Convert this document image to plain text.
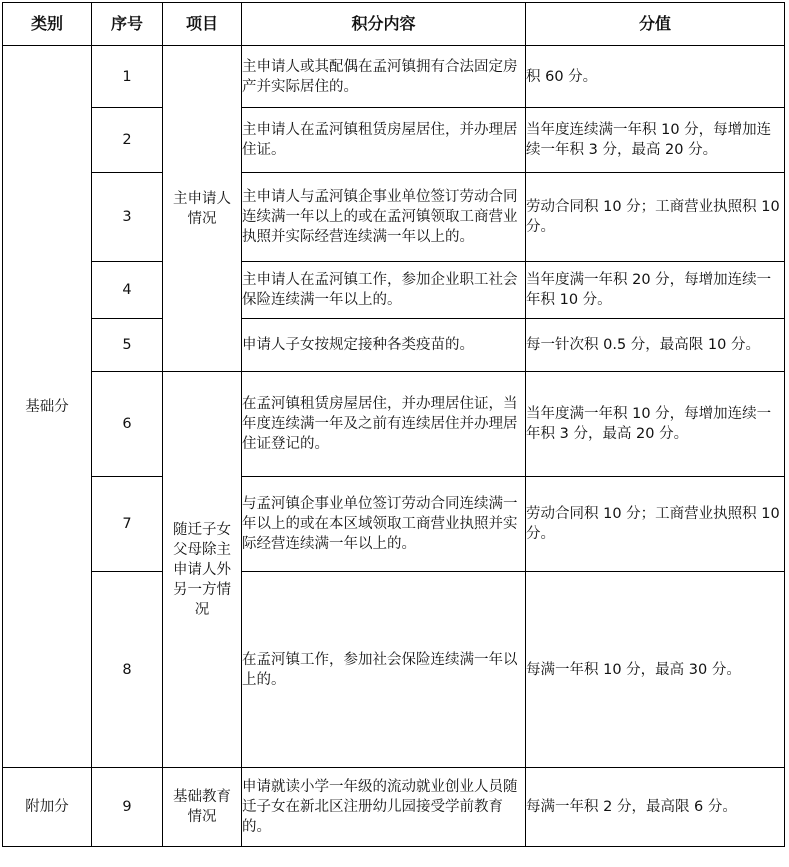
类别	序号	项目	积分内容	分值
基础分	1	主申请人情况	主申请人或其配偶在孟河镇拥有合法固定房产并实际居住的。	积 60 分。
	2		主申请人在孟河镇租赁房屋居住，并办理居住证。	当年度连续满一年积 10 分，每增加连续一年积 3 分，最高 20 分。
	3		主申请人与孟河镇企事业单位签订劳动合同连续满一年以上的或在孟河镇领取工商营业执照并实际经营连续满一年以上的。	劳动合同积 10 分；工商营业执照积 10 分。
	4		主申请人在孟河镇工作，参加企业职工社会保险连续满一年以上的。	当年度满一年积 20 分，每增加连续一年积 10 分。
	5		申请人子女按规定接种各类疫苗的。	每一针次积 0.5 分，最高限 10 分。
	6	随迁子女父母除主申请人外另一方情况	在孟河镇租赁房屋居住，并办理居住证，当年度连续满一年及之前有连续居住并办理居住证登记的。	当年度满一年积 10 分，每增加连续一年积 3 分，最高 20 分。
	7		与孟河镇企事业单位签订劳动合同连续满一年以上的或在本区域领取工商营业执照并实际经营连续满一年以上的。	劳动合同积 10 分；工商营业执照积 10 分。
	8		在孟河镇工作，参加社会保险连续满一年以上的。	每满一年积 10 分，最高 30 分。
附加分	9	基础教育情况	申请就读小学一年级的流动就业创业人员随迁子女在新北区注册幼儿园接受学前教育的。	每满一年积 2 分，最高限 6 分。
